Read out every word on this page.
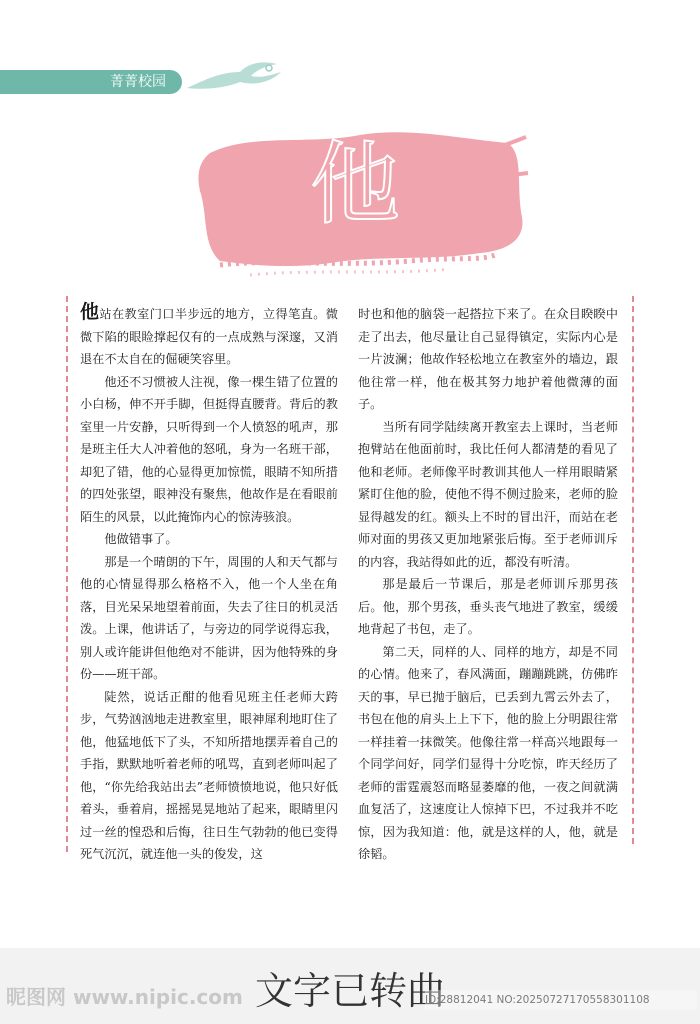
菁菁校园
他

他站在教室门口半步远的地方，立得笔直。微微下陷的眼睑撑起仅有的一点成熟与深邃，又消退在不太自在的倔硬笑容里。

他还不习惯被人注视，像一棵生错了位置的小白杨，伸不开手脚，但挺得直腰背。背后的教室里一片安静，只听得到一个人愤怒的吼声，那是班主任大人冲着他的怒吼，身为一名班干部，却犯了错，他的心显得更加惊慌，眼睛不知所措的四处张望，眼神没有聚焦，他故作是在看眼前陌生的风景，以此掩饰内心的惊涛骇浪。

他做错事了。

那是一个晴朗的下午，周围的人和天气都与他的心情显得那么格格不入，他一个人坐在角落，目光呆呆地望着前面，失去了往日的机灵活泼。上课，他讲话了，与旁边的同学说得忘我，别人或许能讲但他绝对不能讲，因为他特殊的身份——班干部。

陡然，说话正酣的他看见班主任老师大跨步，气势汹汹地走进教室里，眼神犀利地盯住了他，他猛地低下了头，不知所措地摆弄着自己的手指，默默地听着老师的吼骂，直到老师叫起了他，“你先给我站出去”老师愤愤地说，他只好低着头，垂着肩，摇摇晃晃地站了起来，眼睛里闪过一丝的惶恐和后悔，往日生气勃勃的他已变得死气沉沉，就连他一头的俊发，这

时也和他的脑袋一起搭拉下来了。在众目睽睽中走了出去，他尽量让自己显得镇定，实际内心是一片波澜；他故作轻松地立在教室外的墙边，跟他往常一样，他在极其努力地护着他微薄的面子。

当所有同学陆续离开教室去上课时，当老师抱臂站在他面前时，我比任何人都清楚的看见了他和老师。老师像平时教训其他人一样用眼睛紧紧盯住他的脸，使他不得不侧过脸来，老师的脸显得越发的红。额头上不时的冒出汗，而站在老师对面的男孩又更加地紧张后悔。至于老师训斥的内容，我站得如此的近，都没有听清。

那是最后一节课后，那是老师训斥那男孩后。他，那个男孩，垂头丧气地进了教室，缓缓地背起了书包，走了。

第二天，同样的人、同样的地方，却是不同的心情。他来了，春风满面，蹦蹦跳跳，仿佛昨天的事，早已抛于脑后，已丢到九霄云外去了，书包在他的肩头上上下下，他的脸上分明跟往常一样挂着一抹微笑。他像往常一样高兴地跟每一个同学问好，同学们显得十分吃惊，昨天经历了老师的雷霆震怒而略显萎靡的他，一夜之间就满血复活了，这速度让人惊掉下巴，不过我并不吃惊，因为我知道：他，就是这样的人，他，就是徐韬。

昵图网 www.nipic.com 文字已转曲
ID:28812041 NO:20250727170558301108
